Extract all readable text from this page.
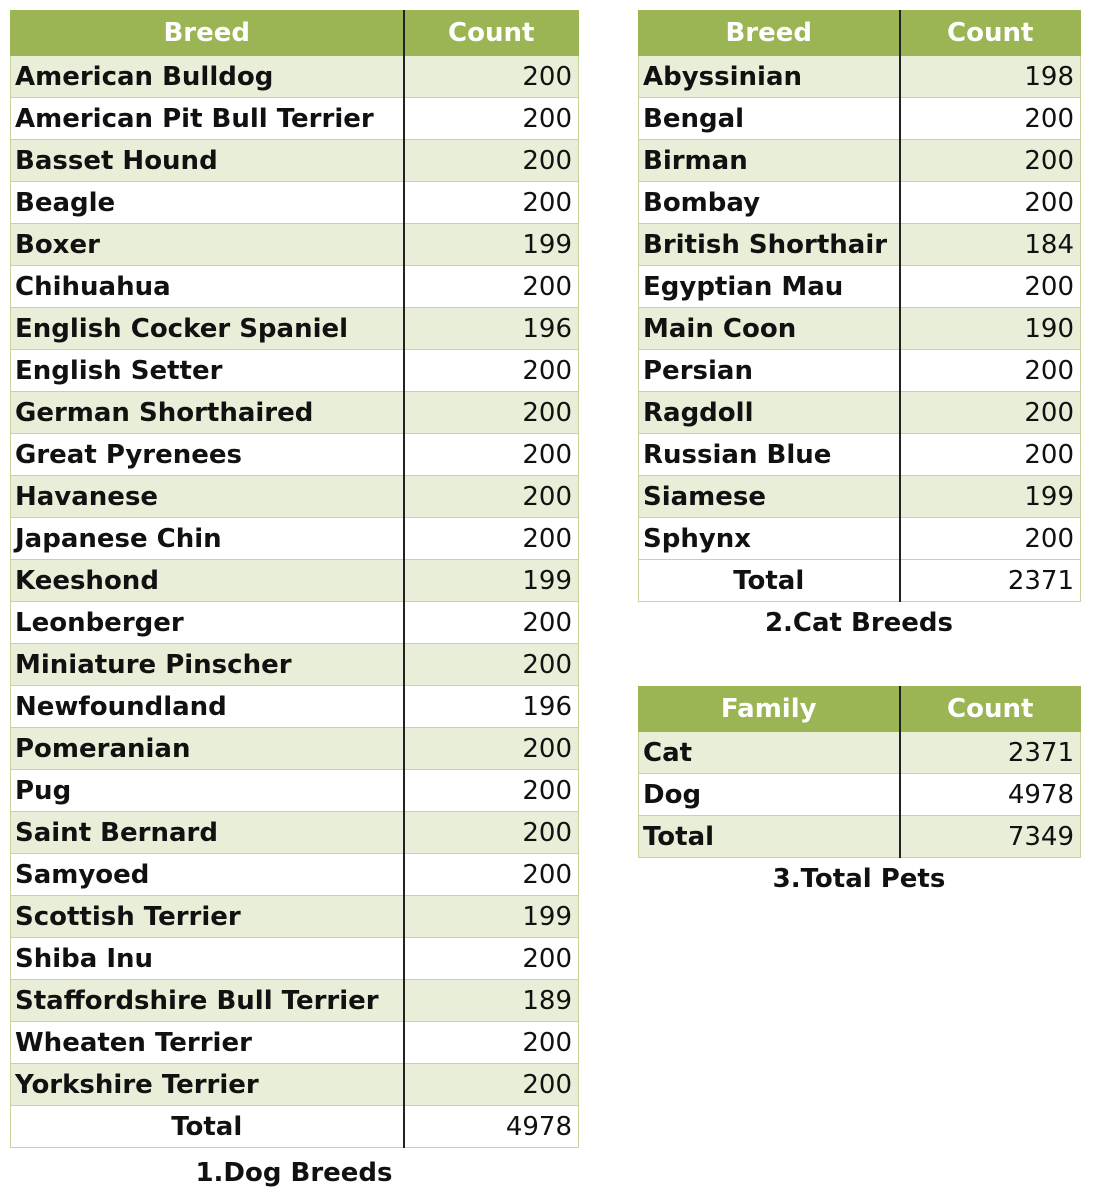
Breed	Count
American Bulldog	200
American Pit Bull Terrier	200
Basset Hound	200
Beagle	200
Boxer	199
Chihuahua	200
English Cocker Spaniel	196
English Setter	200
German Shorthaired	200
Great Pyrenees	200
Havanese	200
Japanese Chin	200
Keeshond	199
Leonberger	200
Miniature Pinscher	200
Newfoundland	196
Pomeranian	200
Pug	200
Saint Bernard	200
Samyoed	200
Scottish Terrier	199
Shiba Inu	200
Staffordshire Bull Terrier	189
Wheaten Terrier	200
Yorkshire Terrier	200
Total	4978
1.Dog Breeds
Breed	Count
Abyssinian	198
Bengal	200
Birman	200
Bombay	200
British Shorthair	184
Egyptian Mau	200
Main Coon	190
Persian	200
Ragdoll	200
Russian Blue	200
Siamese	199
Sphynx	200
Total	2371
2.Cat Breeds
Family	Count
Cat	2371
Dog	4978
Total	7349
3.Total Pets
